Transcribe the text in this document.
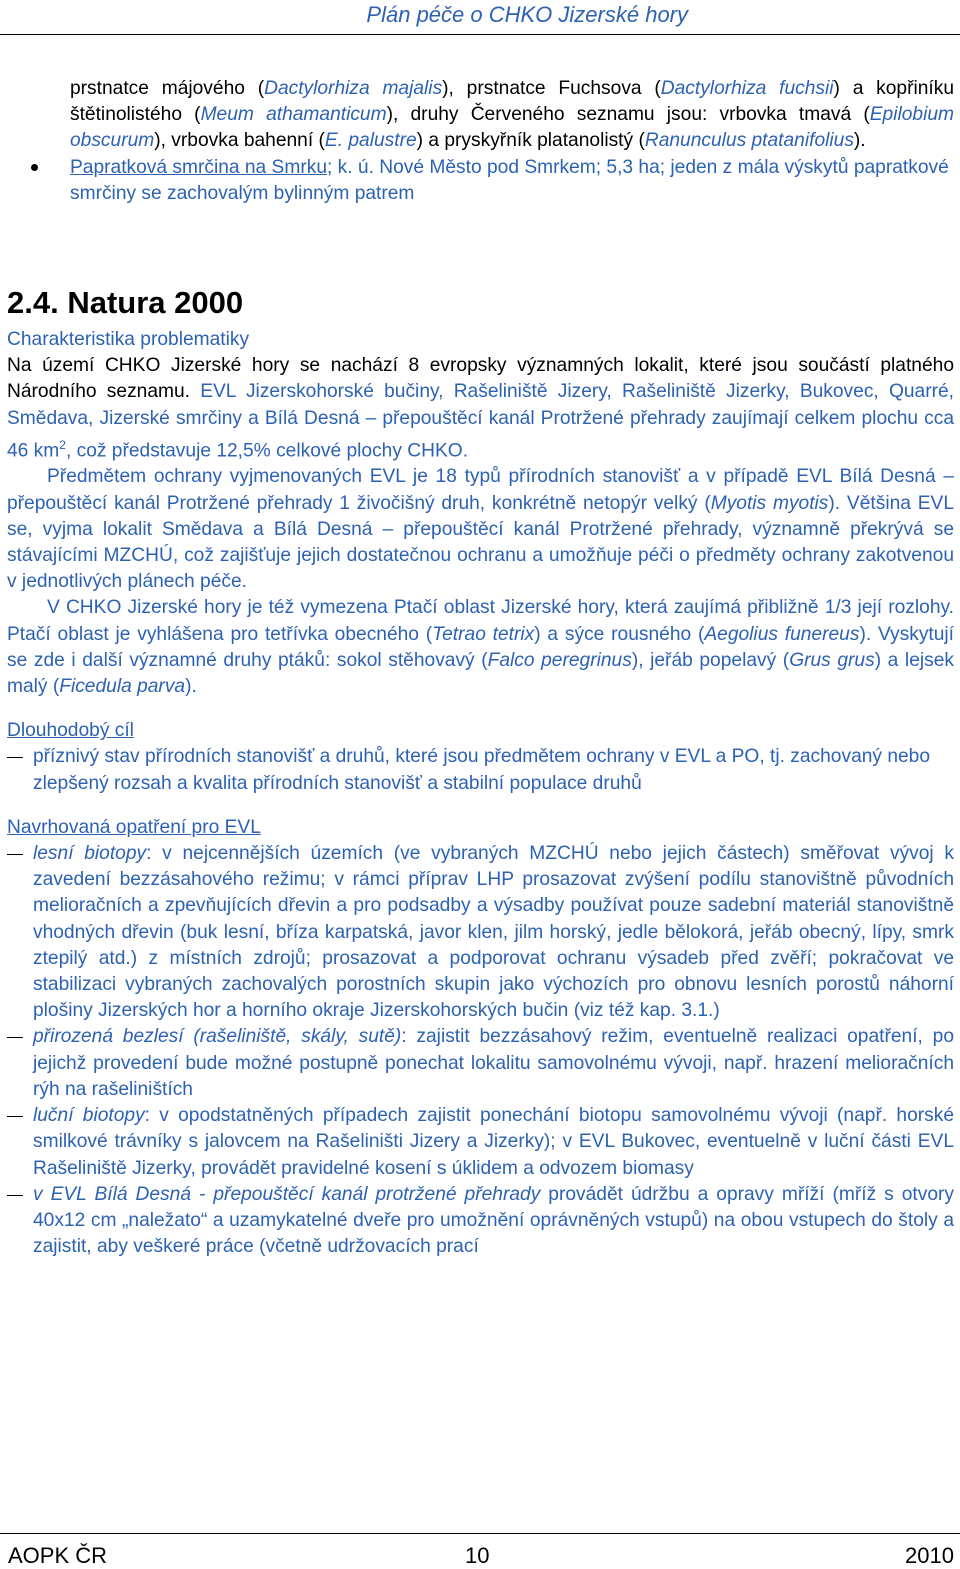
Plán péče o CHKO Jizerské hory

prstnatce májového (Dactylorhiza majalis), prstnatce Fuchsova (Dactylorhiza fuchsii) a kopřiníku štětinolistého (Meum athamanticum), druhy Červeného seznamu jsou: vrbovka tmavá (Epilobium obscurum), vrbovka bahenní (E. palustre) a pryskyřník platanolistý (Ranunculus ptatanifolius).

Papratková smrčina na Smrku; k. ú. Nové Město pod Smrkem; 5,3 ha; jeden z mála výskytů papratkové smrčiny se zachovalým bylinným patrem

2.4. Natura 2000
Charakteristika problematiky

Na území CHKO Jizerské hory se nachází 8 evropsky významných lokalit, které jsou součástí platného Národního seznamu. EVL Jizerskohorské bučiny, Rašeliniště Jizery, Rašeliniště Jizerky, Bukovec, Quarré, Smědava, Jizerské smrčiny a Bílá Desná – přepouštěcí kanál Protržené přehrady zaujímají celkem plochu cca 46 $km^2$, což představuje 12,5% celkové plochy CHKO.

Předmětem ochrany vyjmenovaných EVL je 18 typů přírodních stanovišť a v případě EVL Bílá Desná – přepouštěcí kanál Protržené přehrady 1 živočišný druh, konkrétně netopýr velký (Myotis myotis). Většina EVL se, vyjma lokalit Smědava a Bílá Desná – přepouštěcí kanál Protržené přehrady, významně překrývá se stávajícími MZCHÚ, což zajišťuje jejich dostatečnou ochranu a umožňuje péči o předměty ochrany zakotvenou v jednotlivých plánech péče.

V CHKO Jizerské hory je též vymezena Ptačí oblast Jizerské hory, která zaujímá přibližně 1/3 její rozlohy. Ptačí oblast je vyhlášena pro tetřívka obecného (Tetrao tetrix) a sýce rousného (Aegolius funereus). Vyskytují se zde i další významné druhy ptáků: sokol stěhovavý (Falco peregrinus), jeřáb popelavý (Grus grus) a lejsek malý (Ficedula parva).

Dlouhodobý cíl

příznivý stav přírodních stanovišť a druhů, které jsou předmětem ochrany v EVL a PO, tj. zachovaný nebo zlepšený rozsah a kvalita přírodních stanovišť a stabilní populace druhů

Navrhovaná opatření pro EVL

lesní biotopy: v nejcennějších územích (ve vybraných MZCHÚ nebo jejich částech) směřovat vývoj k zavedení bezzásahového režimu; v rámci příprav LHP prosazovat zvýšení podílu stanovištně původních melioračních a zpevňujících dřevin a pro podsadby a výsadby používat pouze sadební materiál stanovištně vhodných dřevin (buk lesní, bříza karpatská, javor klen, jilm horský, jedle bělokorá, jeřáb obecný, lípy, smrk ztepilý atd.) z místních zdrojů; prosazovat a podporovat ochranu výsadeb před zvěří; pokračovat ve stabilizaci vybraných zachovalých porostních skupin jako výchozích pro obnovu lesních porostů náhorní plošiny Jizerských hor a horního okraje Jizerskohorských bučin (viz též kap. 3.1.)

přirozená bezlesí (rašeliniště, skály, sutě): zajistit bezzásahový režim, eventuelně realizaci opatření, po jejichž provedení bude možné postupně ponechat lokalitu samovolnému vývoji, např. hrazení melioračních rýh na rašeliništích

luční biotopy: v opodstatněných případech zajistit ponechání biotopu samovolnému vývoji (např. horské smilkové trávníky s jalovcem na Rašeliništi Jizery a Jizerky); v EVL Bukovec, eventuelně v luční části EVL Rašeliniště Jizerky, provádět pravidelné kosení s úklidem a odvozem biomasy

v EVL Bílá Desná - přepouštěcí kanál protržené přehrady provádět údržbu a opravy mříží (mříž s otvory 40x12 cm „naležato“ a uzamykatelné dveře pro umožnění oprávněných vstupů) na obou vstupech do štoly a zajistit, aby veškeré práce (včetně udržovacích prací

AOPK ČR	10	2010
